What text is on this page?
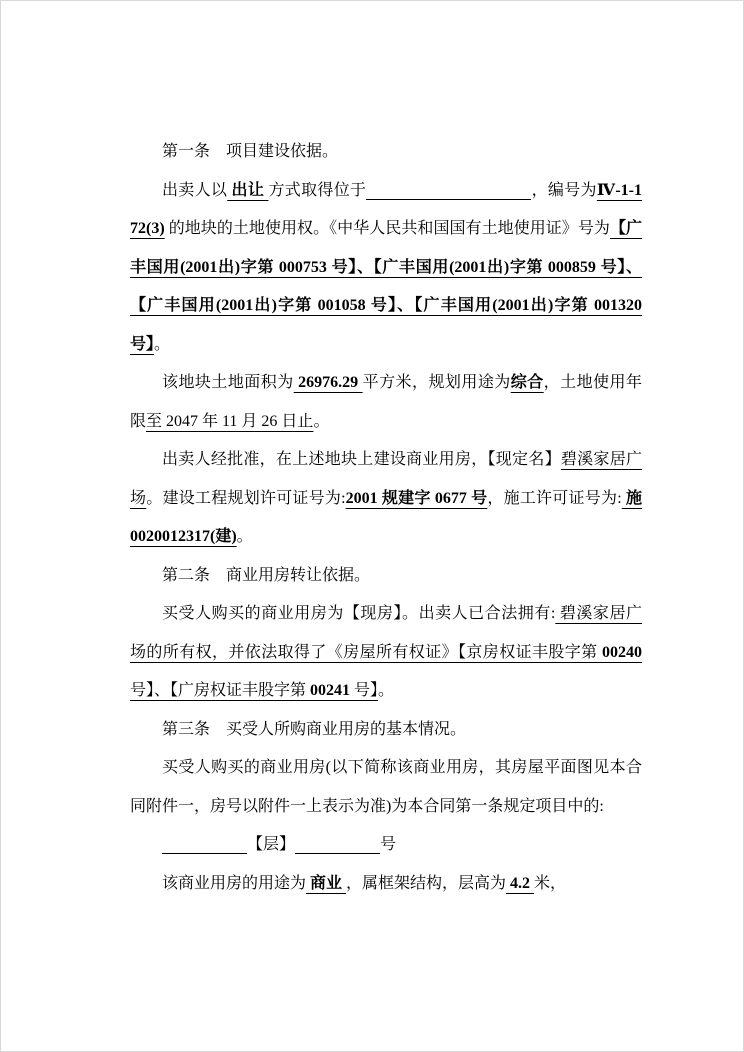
第一条　项目建设依据。

出卖人以 出让 方式取得位于	，编号为Ⅳ-1-172(3) 的地块的土地使用权。《中华人民共和国国有土地使用证》号为【广丰国用(2001出)字第 000753 号】、【广丰国用(2001出)字第 000859 号】、【广丰国用(2001出)字第 001058 号】、【广丰国用(2001出)字第 001320 号】。

该地块土地面积为 26976.29 平方米，规划用途为综合，土地使用年限至 2047 年 11 月 26 日止。

出卖人经批准，在上述地块上建设商业用房，【现定名】碧溪家居广场。建设工程规划许可证号为:2001 规建字 0677 号，施工许可证号为: 施 0020012317(建)。

第二条　商业用房转让依据。

买受人购买的商业用房为【现房】。出卖人已合法拥有: 碧溪家居广场的所有权，并依法取得了《房屋所有权证》【京房权证丰股字第 00240 号】、【广房权证丰股字第 00241 号】。

第三条　买受人所购商业用房的基本情况。

买受人购买的商业用房(以下简称该商业用房，其房屋平面图见本合同附件一，房号以附件一上表示为准)为本合同第一条规定项目中的:

【层】	号

该商业用房的用途为 商业 ，属框架结构，层高为 4.2 米，
